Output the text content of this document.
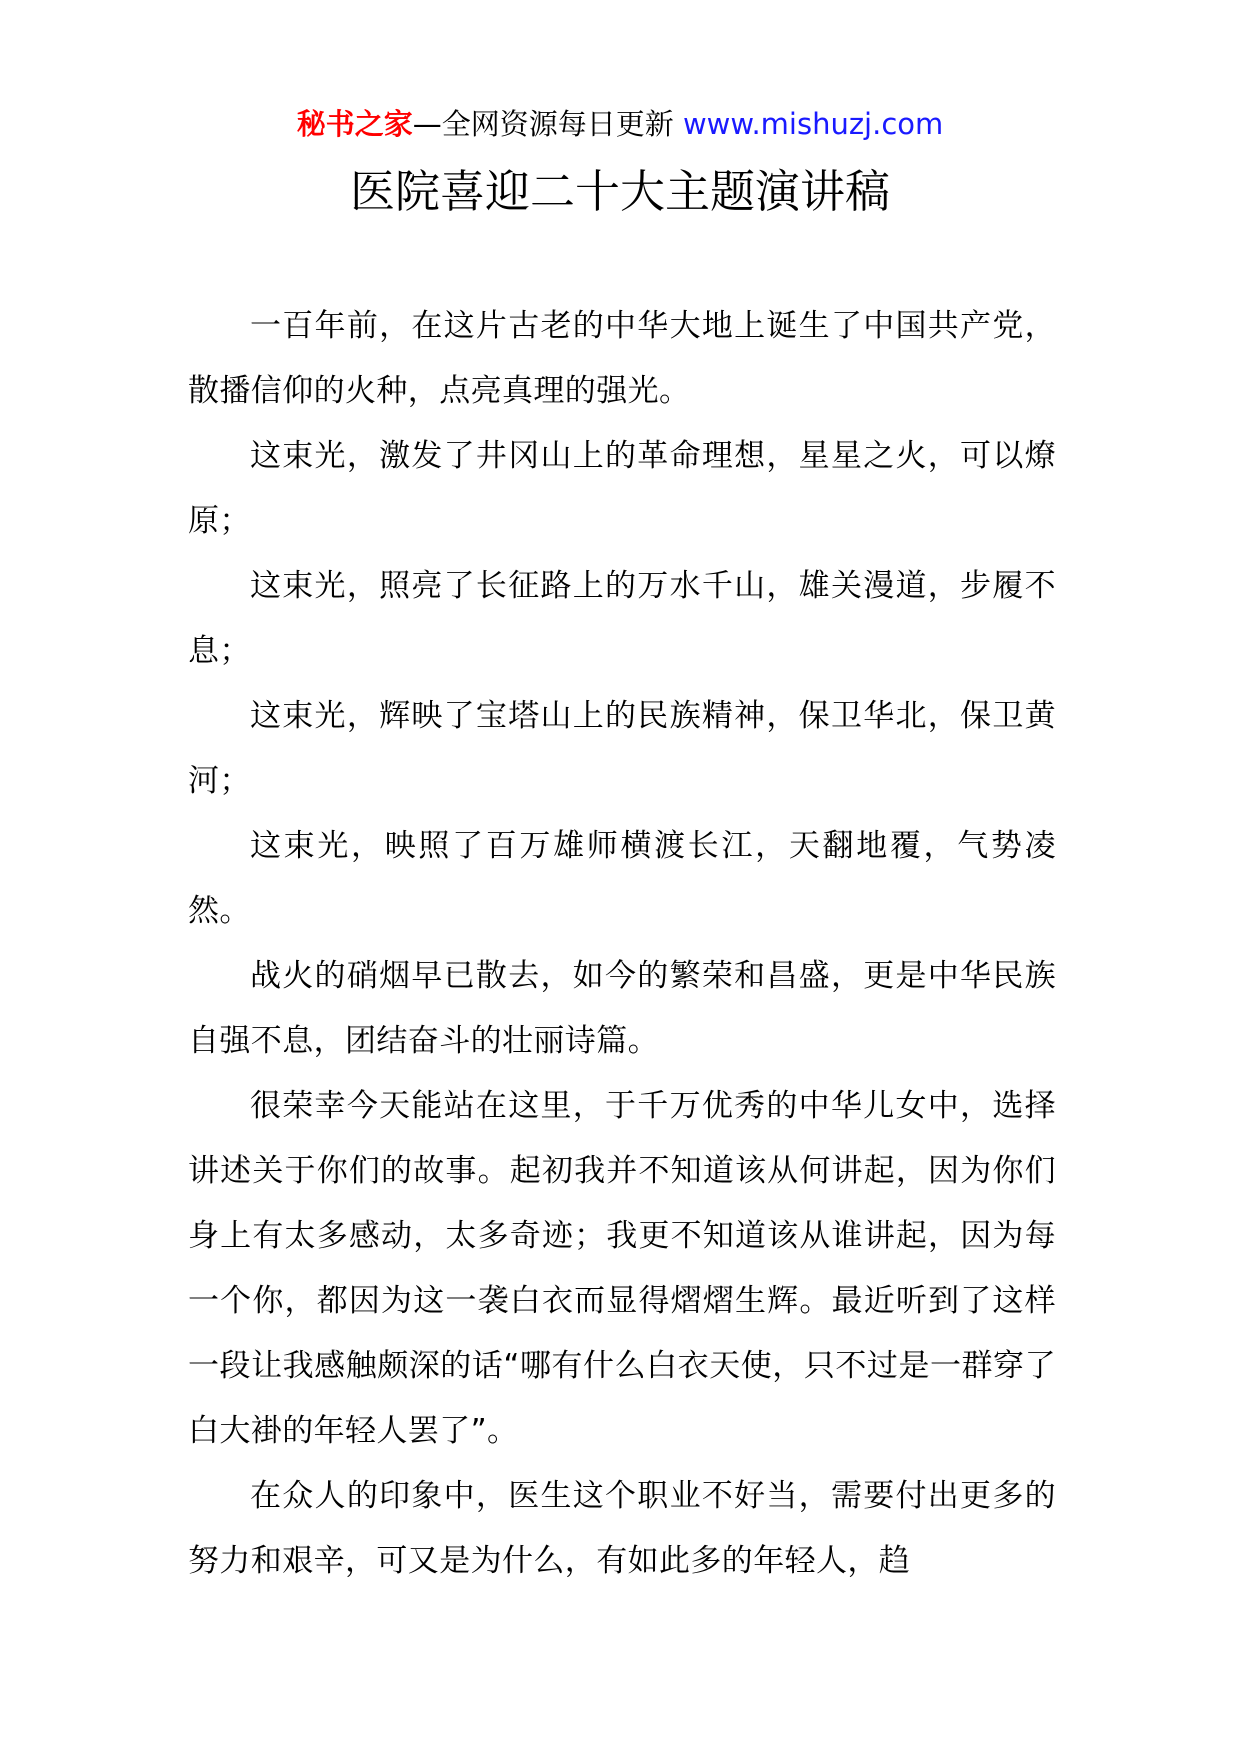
秘书之家—全网资源每日更新 www.mishuzj.com
医院喜迎二十大主题演讲稿

一百年前，在这片古老的中华大地上诞生了中国共产党，散播信仰的火种，点亮真理的强光。

这束光，激发了井冈山上的革命理想，星星之火，可以燎原；

这束光，照亮了长征路上的万水千山，雄关漫道，步履不息；

这束光，辉映了宝塔山上的民族精神，保卫华北，保卫黄河；

这束光，映照了百万雄师横渡长江，天翻地覆，气势凌然。

战火的硝烟早已散去，如今的繁荣和昌盛，更是中华民族自强不息，团结奋斗的壮丽诗篇。

很荣幸今天能站在这里，于千万优秀的中华儿女中，选择讲述关于你们的故事。起初我并不知道该从何讲起，因为你们身上有太多感动，太多奇迹；我更不知道该从谁讲起，因为每一个你，都因为这一袭白衣而显得熠熠生辉。最近听到了这样一段让我感触颇深的话“哪有什么白衣天使，只不过是一群穿了白大褂的年轻人罢了”。

在众人的印象中，医生这个职业不好当，需要付出更多的努力和艰辛，可又是为什么，有如此多的年轻人，趋
